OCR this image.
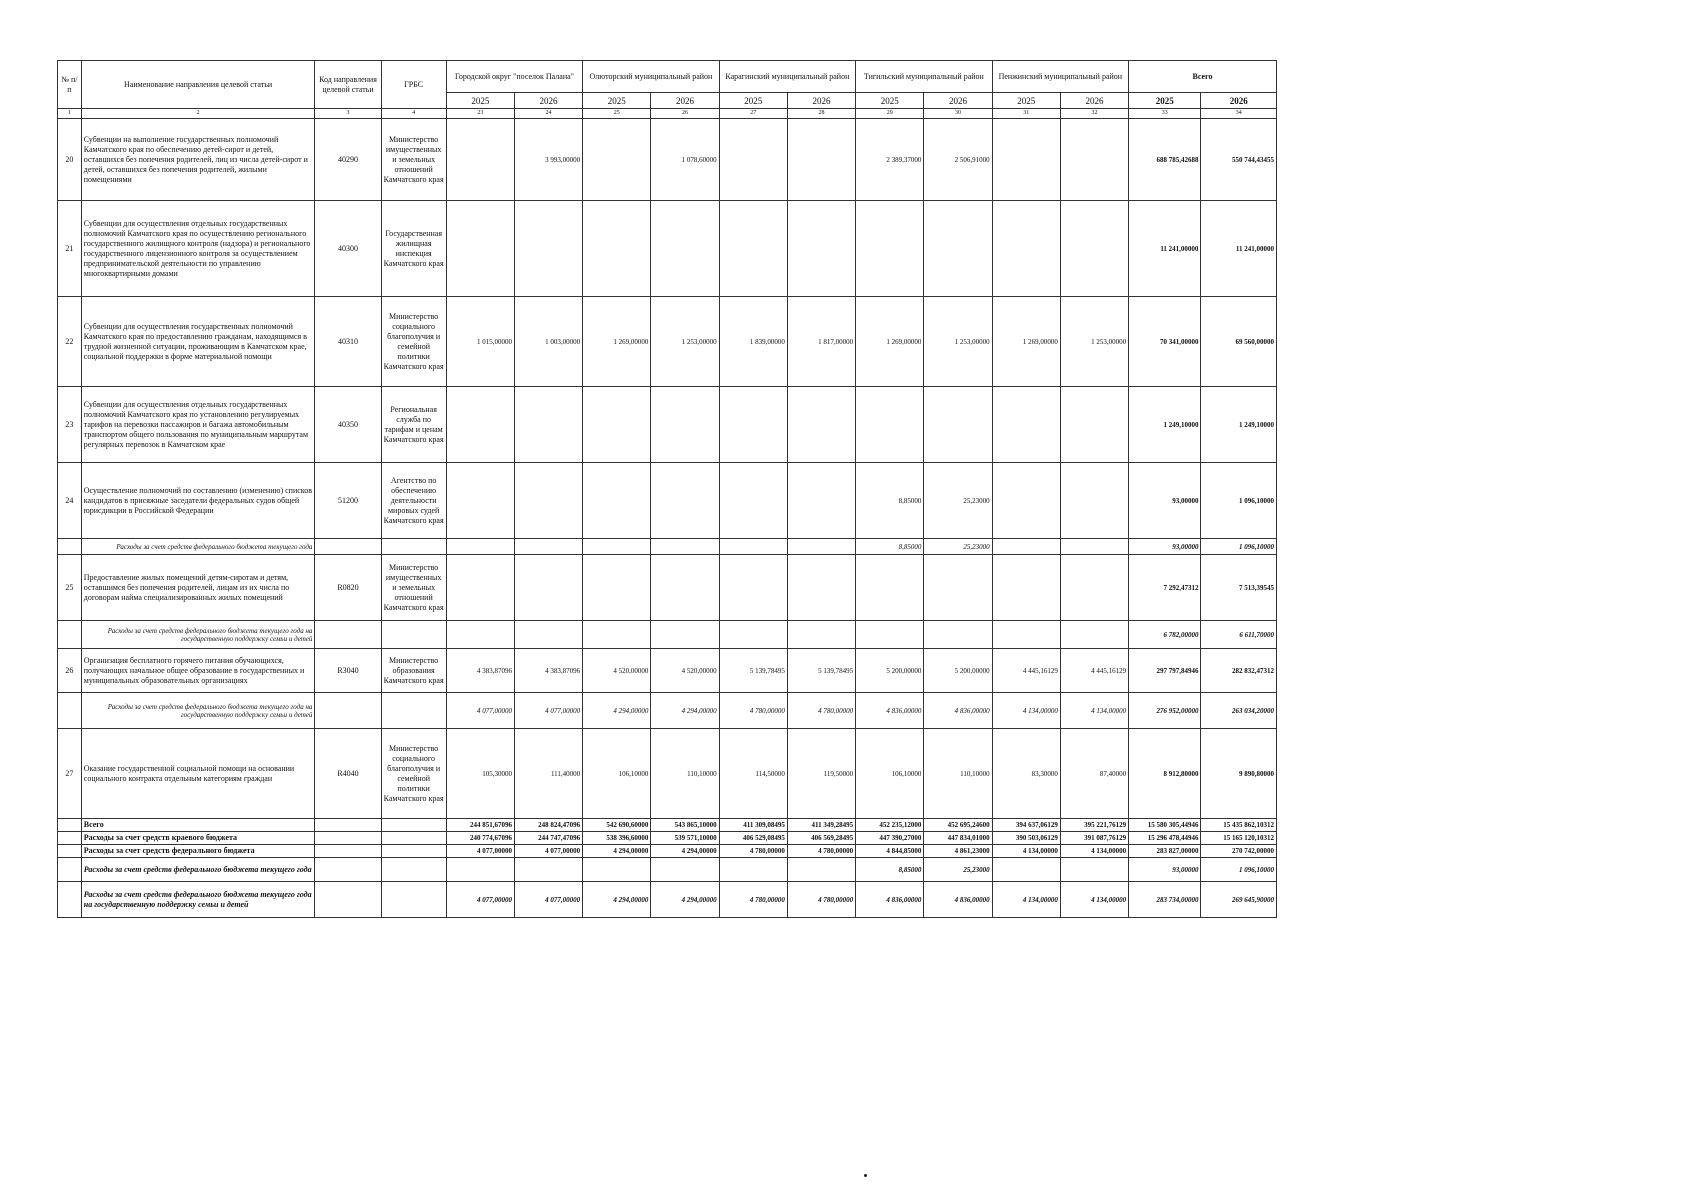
№ п/п	Наименование направления целевой статьи	Код направления целевой статьи	ГРБС	Городской округ "поселок Палана"		Олюторский муниципальный район		Карагинский муниципальный район		Тигильский муниципальный район		Пенжинский муниципальный район		Всего	
				2025	2026	2025	2026	2025	2026	2025	2026	2025	2026	2025	2026
1	2	3	4	23	24	25	26	27	28	29	30	31	32	33	34
20	Субвенции на выполнение государственных полномочий Камчатского края по обеспечению детей-сирот и детей, оставшихся без попечения родителей, лиц из числа детей-сирот и детей, оставшихся без попечения родителей, жилыми помещениями	40290	Министерство имущественных и земельных отношений Камчатского края		3 993,00000		1 078,60000			2 389,37000	2 506,91000			688 785,42688	550 744,43455
21	Субвенции для осуществления отдельных государственных полномочий Камчатского края по осуществлению регионального государственного жилищного контроля (надзора) и регионального государственного лицензионного контроля за осуществлением предпринимательской деятельности по управлению многоквартирными домами	40300	Государственная жилищная инспекция Камчатского края											11 241,00000	11 241,00000
22	Субвенции для осуществления государственных полномочий Камчатского края по предоставлению гражданам, находящимся в трудной жизненной ситуации, проживающим в Камчатском крае, социальной поддержки в форме материальной помощи	40310	Министерство социального благополучия и семейной политики Камчатского края	1 015,00000	1 003,00000	1 269,00000	1 253,00000	1 839,00000	1 817,00000	1 269,00000	1 253,00000	1 269,00000	1 253,00000	70 341,00000	69 560,00000
23	Субвенции для осуществления отдельных государственных полномочий Камчатского края по установлению регулируемых тарифов на перевозки пассажиров и багажа автомобильным транспортом общего пользования по муниципальным маршрутам регулярных перевозок в Камчатском крае	40350	Региональная служба по тарифам и ценам Камчатского края											1 249,10000	1 249,10000
24	Осуществление полномочий по составлению (изменению) списков кандидатов в присяжные заседатели федеральных судов общей юрисдикции в Российской Федерации	51200	Агентство по обеспечению деятельности мировых судей Камчатского края							8,85000	25,23000			93,00000	1 096,10000
	Расходы за счет средств федерального бюджета текущего года									8,85000	25,23000			93,00000	1 096,10000
25	Предоставление жилых помещений детям-сиротам и детям, оставшимся без попечения родителей, лицам из их числа по договорам найма специализированных жилых помещений	R0820	Министерство имущественных и земельных отношений Камчатского края											7 292,47312	7 513,39545
	Расходы за счет средств федерального бюджета текущего года на государственную поддержку семьи и детей													6 782,00000	6 611,70000
26	Организация бесплатного горячего питания обучающихся, получающих начальное общее образование в государственных и муниципальных образовательных организациях	R3040	Министерство образования Камчатского края	4 383,87096	4 383,87096	4 520,00000	4 520,00000	5 139,78495	5 139,78495	5 200,00000	5 200,00000	4 445,16129	4 445,16129	297 797,84946	282 832,47312
	Расходы за счет средств федерального бюджета текущего года на государственную поддержку семьи и детей			4 077,00000	4 077,00000	4 294,00000	4 294,00000	4 780,00000	4 780,00000	4 836,00000	4 836,00000	4 134,00000	4 134,00000	276 952,00000	263 034,20000
27	Оказание государственной социальной помощи на основании социального контракта отдельным категориям граждан	R4040	Министерство социального благополучия и семейной политики Камчатского края	105,30000	111,40000	106,10000	110,10000	114,50000	119,50000	106,10000	110,10000	83,30000	87,40000	8 912,80000	9 890,80000
	Всего			244 851,67096	248 824,47096	542 690,60000	543 865,10000	411 309,08495	411 349,28495	452 235,12000	452 695,24600	394 637,06129	395 221,76129	15 580 305,44946	15 435 862,10312
	Расходы за счет средств краевого бюджета			240 774,67096	244 747,47096	538 396,60000	539 571,10000	406 529,08495	406 569,28495	447 390,27000	447 834,01000	390 503,06129	391 087,76129	15 296 478,44946	15 165 120,10312
	Расходы за счет средств федерального бюджета			4 077,00000	4 077,00000	4 294,00000	4 294,00000	4 780,00000	4 780,00000	4 844,85000	4 861,23000	4 134,00000	4 134,00000	283 827,00000	270 742,00000
	Расходы за счет средств федерального бюджета текущего года									8,85000	25,23000			93,00000	1 096,10000
	Расходы за счет средств федерального бюджета текущего года на государственную поддержку семьи и детей			4 077,00000	4 077,00000	4 294,00000	4 294,00000	4 780,00000	4 780,00000	4 836,00000	4 836,00000	4 134,00000	4 134,00000	283 734,00000	269 645,90000
